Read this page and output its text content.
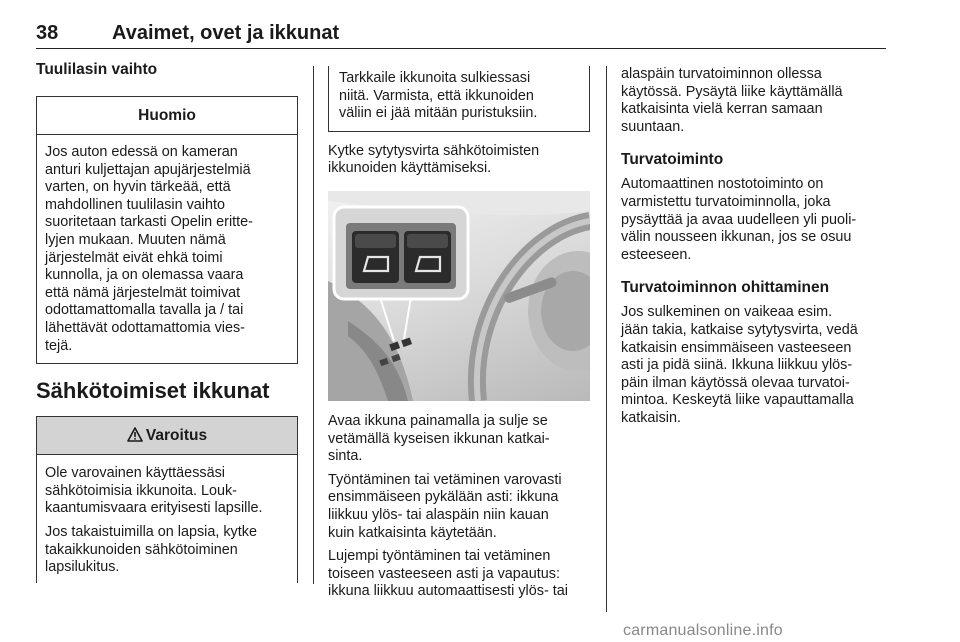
38	Avaimet, ovet ja ikkunat
Tuulilasin vaihto
Huomio

Jos auton edessä on kameran
anturi kuljettajan apujärjestelmiä
varten, on hyvin tärkeää, että
mahdollinen tuulilasin vaihto
suoritetaan tarkasti Opelin eritte-
lyjen mukaan. Muuten nämä
järjestelmät eivät ehkä toimi
kunnolla, ja on olemassa vaara
että nämä järjestelmät toimivat
odottamattomalla tavalla ja / tai
lähettävät odottamattomia vies-
tejä.

Sähkötoimiset ikkunat
Varoitus

Ole varovainen käyttäessäsi
sähkötoimisia ikkunoita. Louk-
kaantumisvaara erityisesti lapsille.

Jos takaistuimilla on lapsia, kytke
takaikkunoiden sähkötoiminen
lapsilukitus.

Tarkkaile ikkunoita sulkiessasi
niitä. Varmista, että ikkunoiden
väliin ei jää mitään puristuksiin.

Kytke sytytysvirta sähkötoimisten
ikkunoiden käyttämiseksi.

Avaa ikkuna painamalla ja sulje se
vetämällä kyseisen ikkunan katkai-
sinta.

Työntäminen tai vetäminen varovasti
ensimmäiseen pykälään asti: ikkuna
liikkuu ylös- tai alaspäin niin kauan
kuin katkaisinta käytetään.

Lujempi työntäminen tai vetäminen
toiseen vasteeseen asti ja vapautus:
ikkuna liikkuu automaattisesti ylös- tai

alaspäin turvatoiminnon ollessa
käytössä. Pysäytä liike käyttämällä
katkaisinta vielä kerran samaan
suuntaan.

Turvatoiminto

Automaattinen nostotoiminto on
varmistettu turvatoiminnolla, joka
pysäyttää ja avaa uudelleen yli puoli-
välin nousseen ikkunan, jos se osuu
esteeseen.

Turvatoiminnon ohittaminen

Jos sulkeminen on vaikeaa esim.
jään takia, katkaise sytytysvirta, vedä
katkaisin ensimmäiseen vasteeseen
asti ja pidä siinä. Ikkuna liikkuu ylös-
päin ilman käytössä olevaa turvatoi-
mintoa. Keskeytä liike vapauttamalla
katkaisin.

carmanualsonline.info
